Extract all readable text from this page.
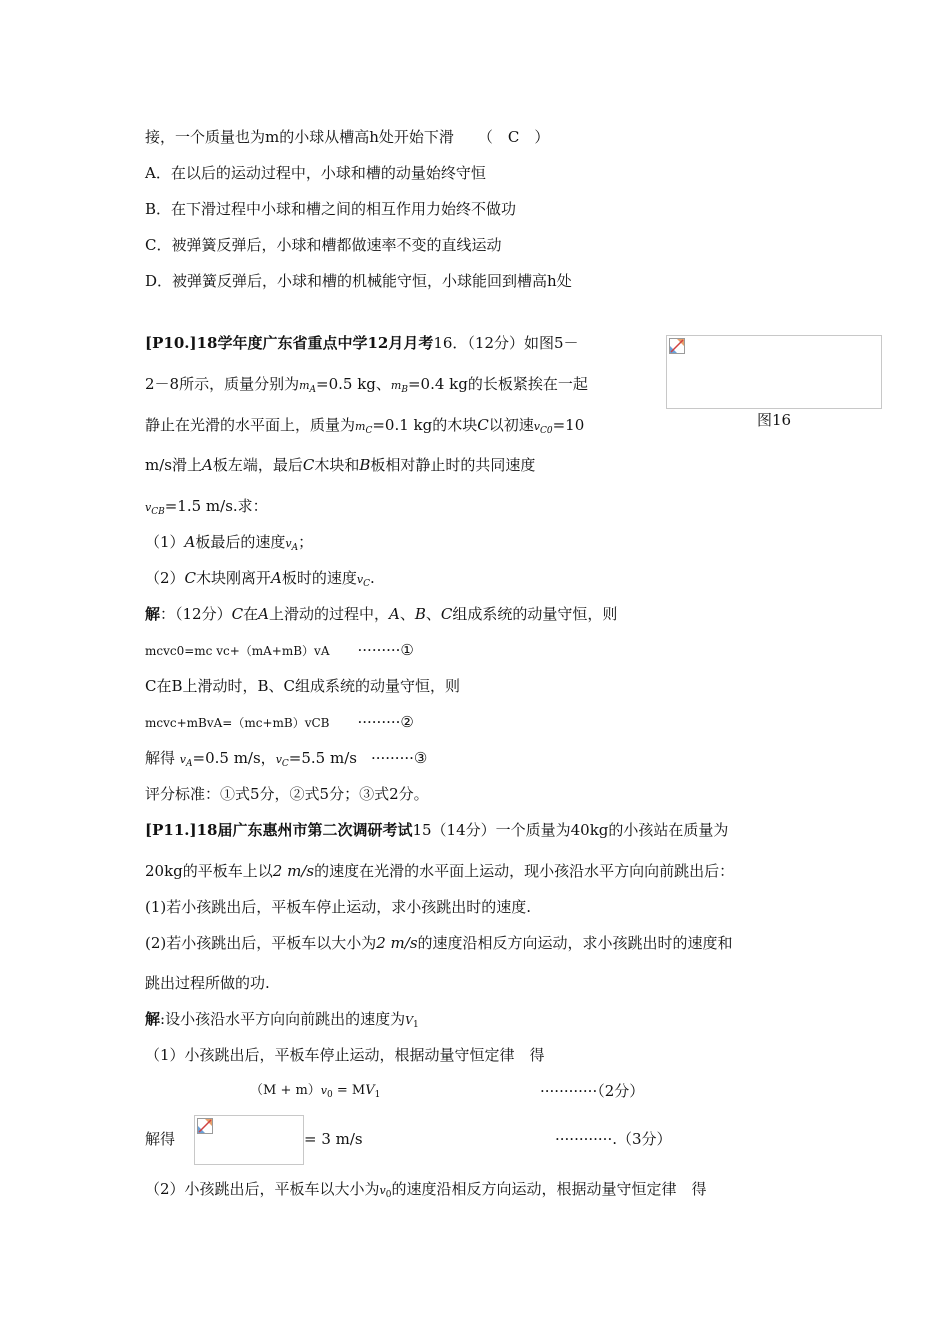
接，一个质量也为m的小球从槽高h处开始下滑 （　C　）
A．在以后的运动过程中，小球和槽的动量始终守恒
B．在下滑过程中小球和槽之间的相互作用力始终不做功
C．被弹簧反弹后，小球和槽都做速率不变的直线运动
D．被弹簧反弹后，小球和槽的机械能守恒，小球能回到槽高h处
[P10.]18学年度广东省重点中学12月月考16．（12分）如图5－
2－8所示，质量分别为$m_A=0.5$ kg、$m_B=0.4$ kg的长板紧挨在一起
静止在光滑的水平面上，质量为$m_C=0.1$ kg的木块C以初速$v_{C0}=10$
m/s滑上A板左端，最后C木块和B板相对静止时的共同速度
$v_{CB}=1.5$ m/s.求：
（1）A板最后的速度$v_A$；
（2）C木块刚离开A板时的速度$v_C$.
图16
解：（12分）C在A上滑动的过程中，A、B、C组成系统的动量守恒，则
mcvc0=mc vc+（mA+mB）vA ·········①
C在B上滑动时，B、C组成系统的动量守恒，则
mcvc+mBvA=（mc+mB）vCB ·········②
解得 $v_A=0.5$ m/s，$v_C=5.5$ m/s ·········③
评分标准：①式5分，②式5分；③式2分。
[P11.]18届广东惠州市第二次调研考试15（14分）一个质量为40kg的小孩站在质量为
20kg的平板车上以2 m/s的速度在光滑的水平面上运动，现小孩沿水平方向向前跳出后：
(1)若小孩跳出后，平板车停止运动，求小孩跳出时的速度.
(2)若小孩跳出后，平板车以大小为2 m/s的速度沿相反方向运动，求小孩跳出时的速度和
跳出过程所做的功.
解:设小孩沿水平方向向前跳出的速度为$V_1$
（1）小孩跳出后，平板车停止运动，根据动量守恒定律　得
$(M + m)v_0 = MV_1$	············（2分）
解得	= 3 m/s	············.（3分）
（2）小孩跳出后，平板车以大小为$v_0$的速度沿相反方向运动，根据动量守恒定律　得
